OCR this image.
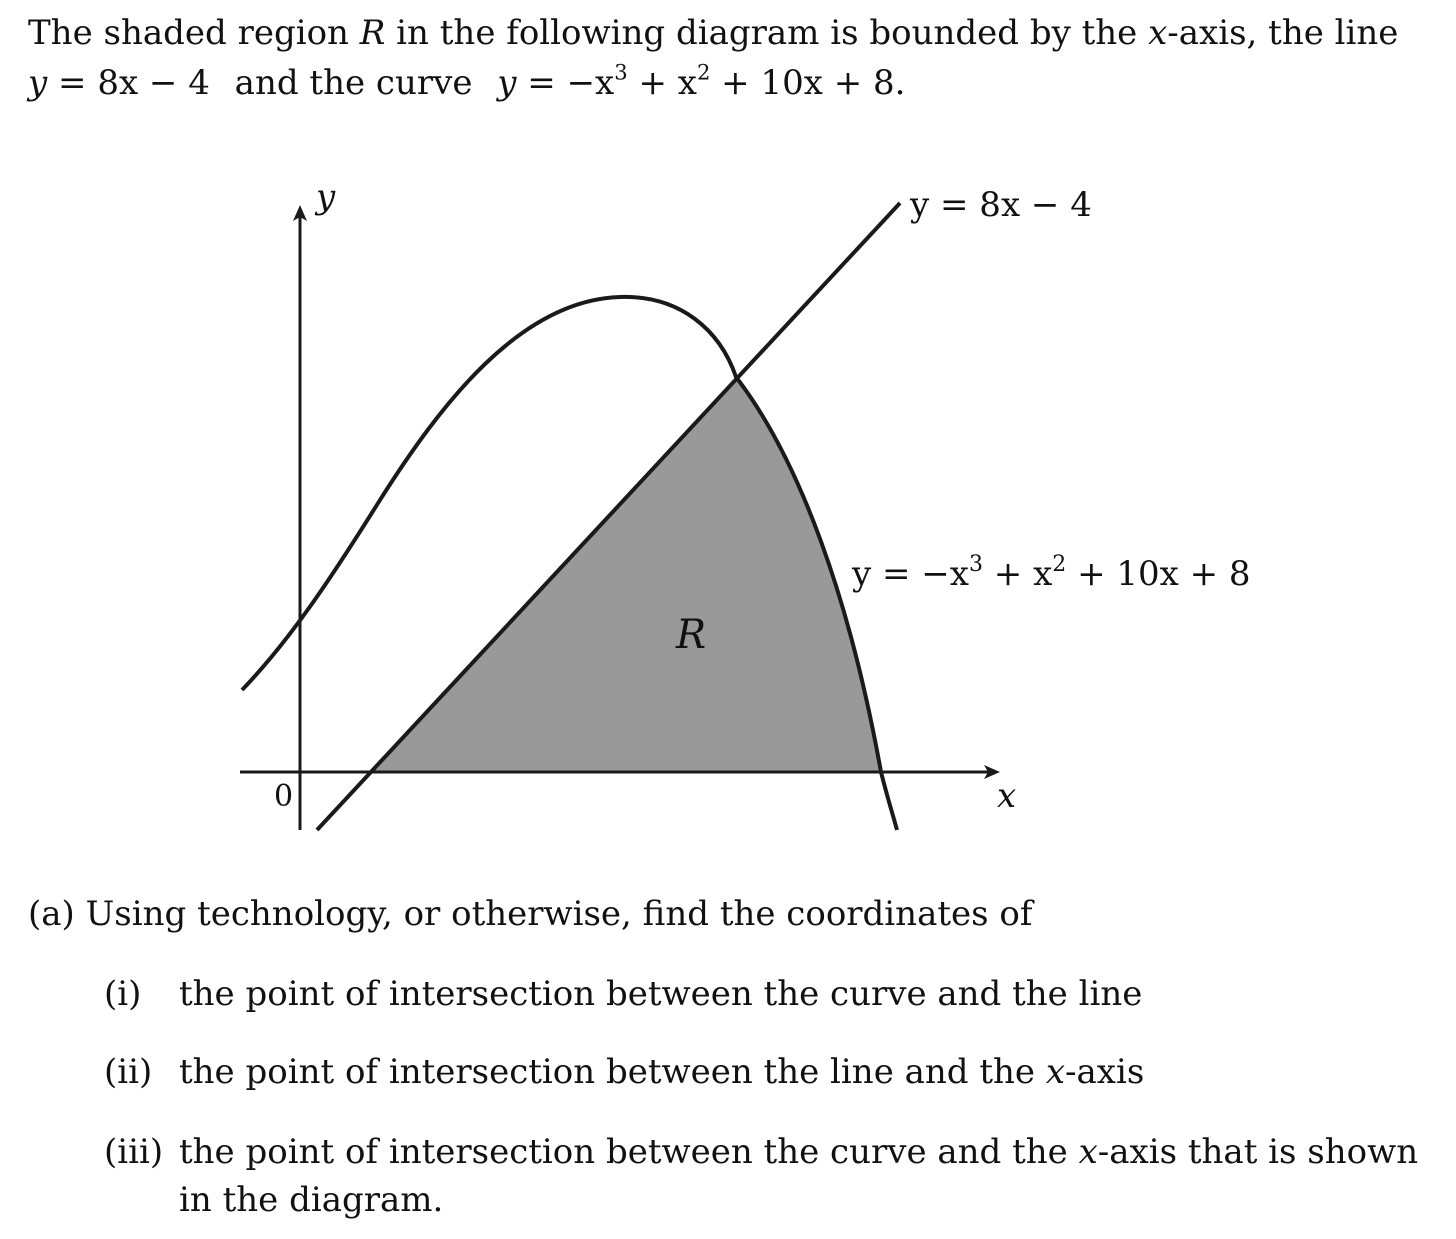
The shaded region R in the following diagram is bounded by the x-axis, the line
y = 8x − 4 and the curve $y = -x^3 + x^2 + 10x + 8$.
y
x
0
R
y = 8x − 4
$y = -x^3 + x^2 + 10x + 8$

(a) Using technology, or otherwise, find the coordinates of

(i) the point of intersection between the curve and the line
(ii) the point of intersection between the line and the x-axis
(iii) the point of intersection between the curve and the x-axis that is shown in the diagram.
